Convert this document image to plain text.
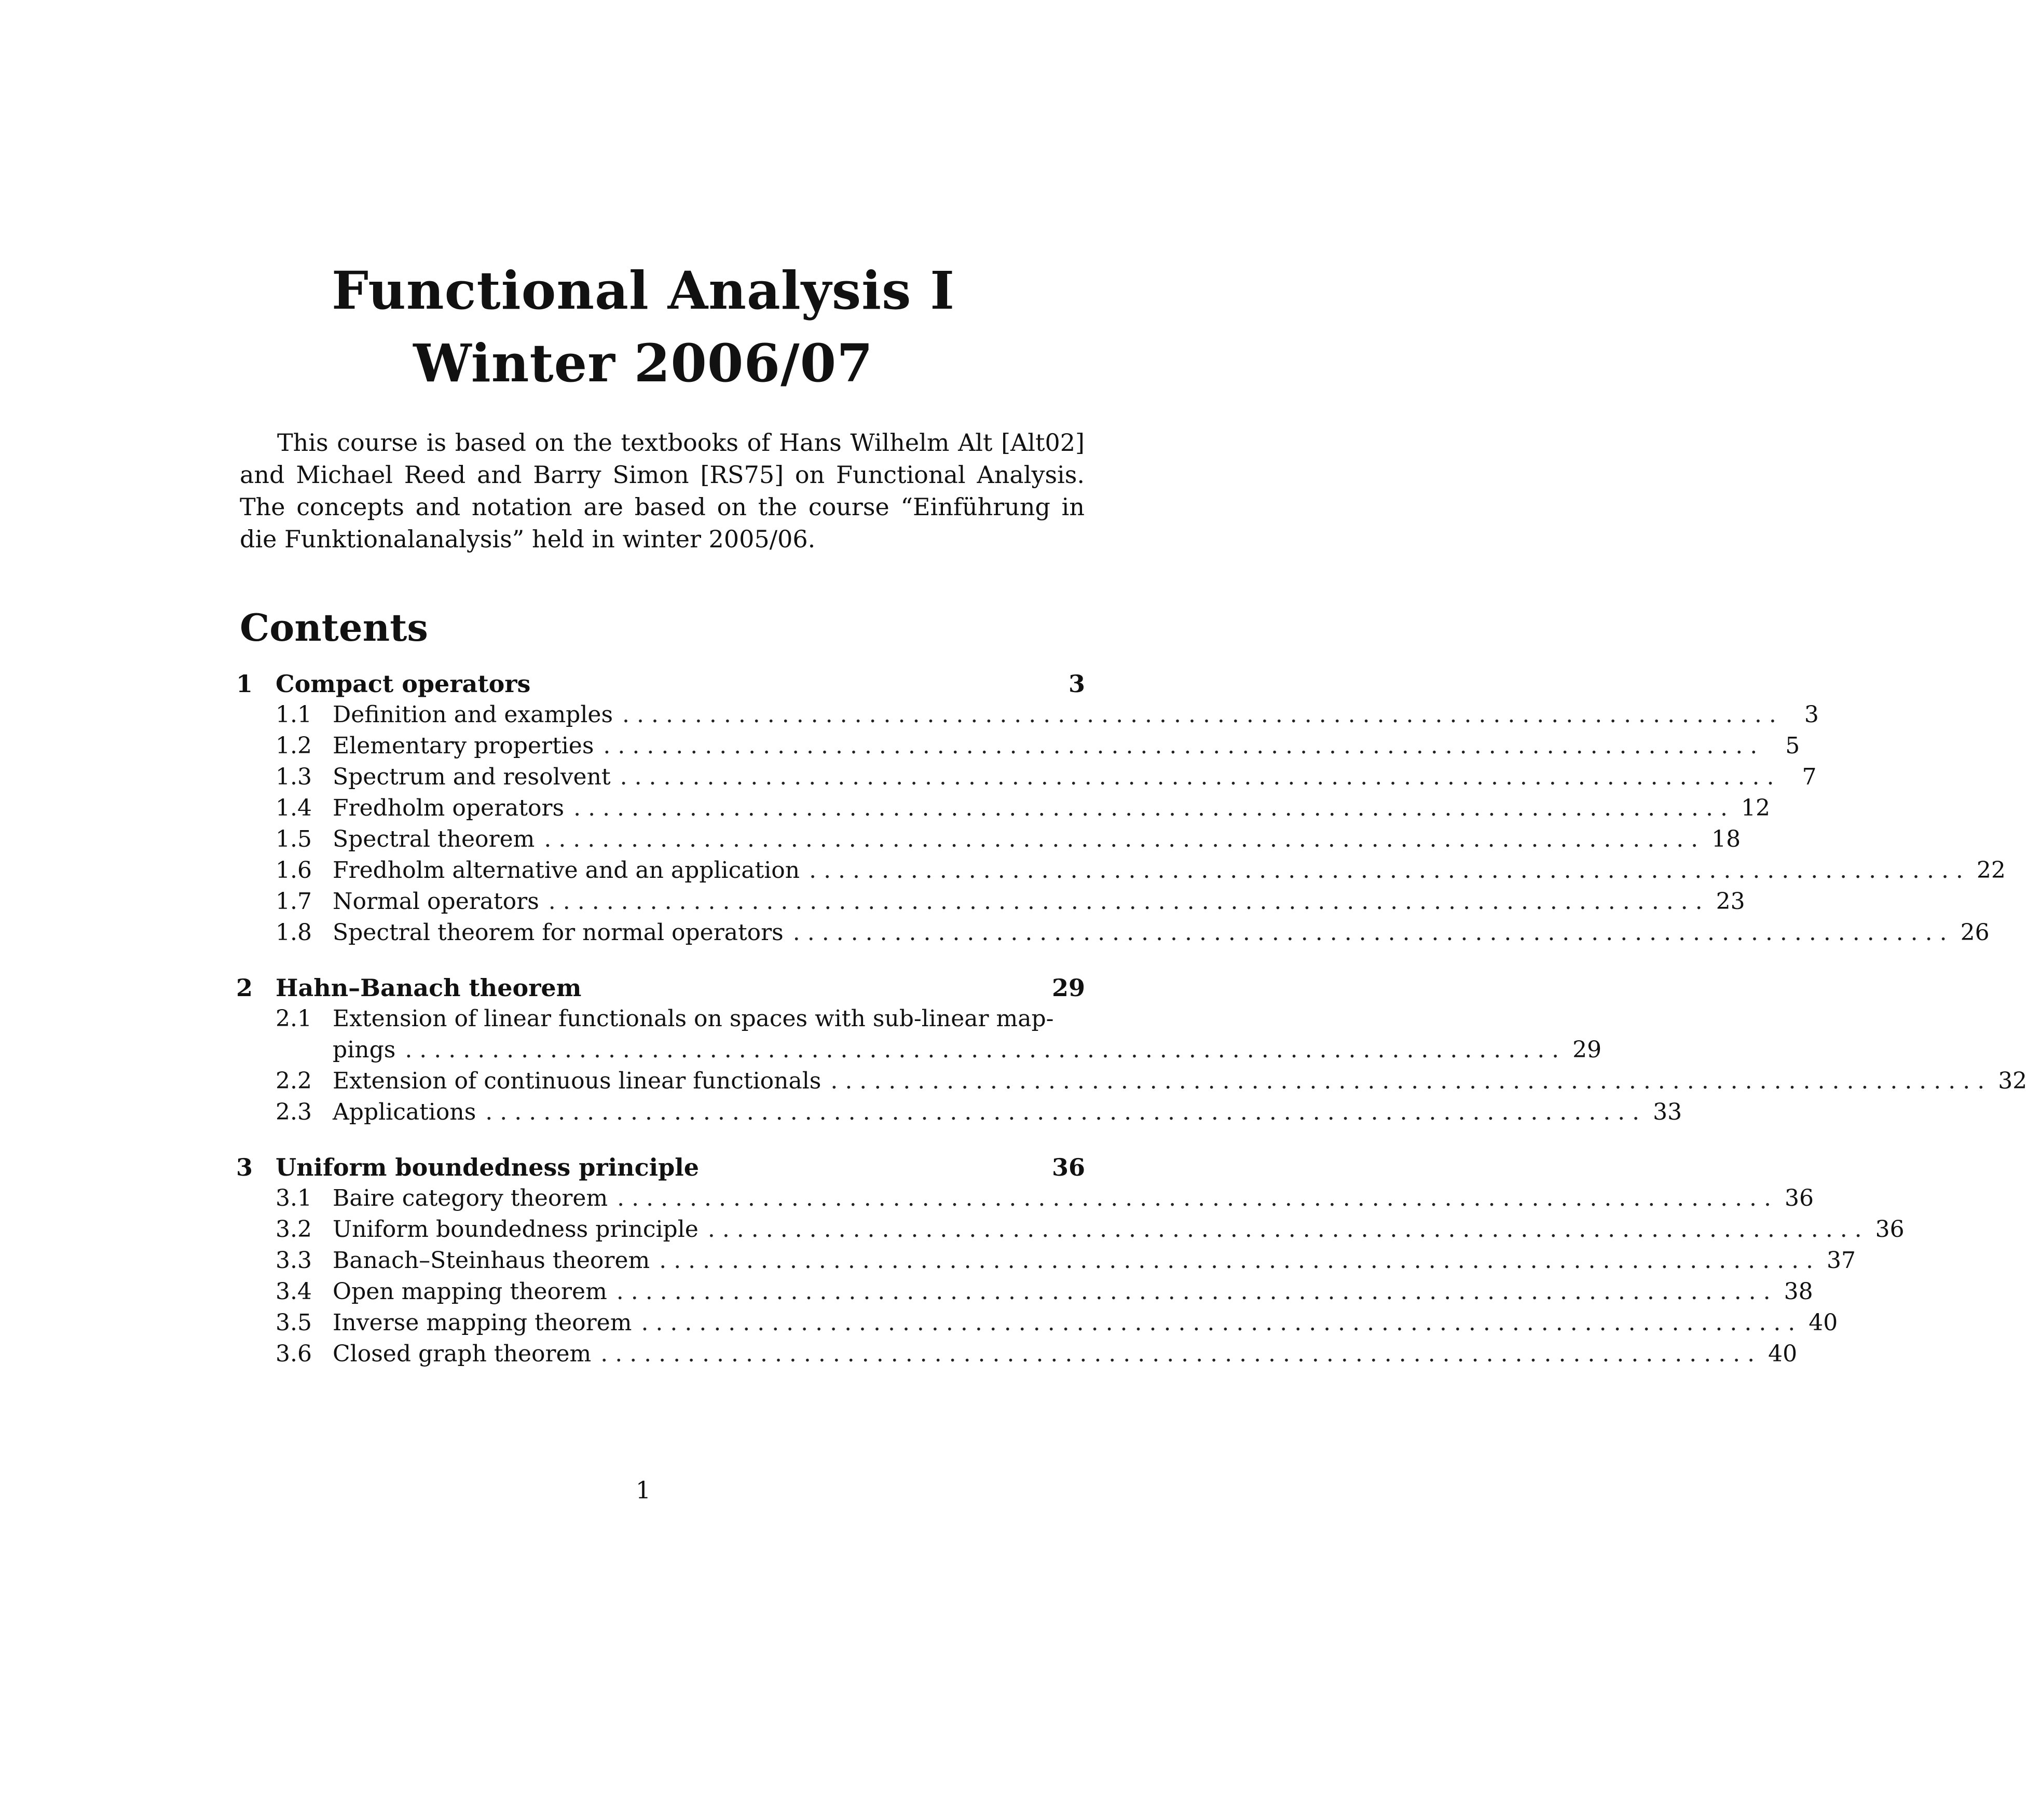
Functional Analysis I
Winter 2006/07

This course is based on the textbooks of Hans Wilhelm Alt [Alt02] and Michael Reed and Barry Simon [RS75] on Functional Analysis. The concepts and notation are based on the course “Einführung in die Funktionalanalysis” held in winter 2005/06.

Contents
1 Compact operators	3
1.1 Definition and examples . . . . . . . . . . . . . . . . . . . . . . . . . . . . . . . . . . . . . . . . . . . . . . . . . . . . . . . . . . . . . . . . . . . . . . . . . . . . . . . .	3
1.2 Elementary properties . . . . . . . . . . . . . . . . . . . . . . . . . . . . . . . . . . . . . . . . . . . . . . . . . . . . . . . . . . . . . . . . . . . . . . . . . . . . . . . .	5
1.3 Spectrum and resolvent . . . . . . . . . . . . . . . . . . . . . . . . . . . . . . . . . . . . . . . . . . . . . . . . . . . . . . . . . . . . . . . . . . . . . . . . . . . . . . . .	7
1.4 Fredholm operators . . . . . . . . . . . . . . . . . . . . . . . . . . . . . . . . . . . . . . . . . . . . . . . . . . . . . . . . . . . . . . . . . . . . . . . . . . . . . . . . 12
1.5 Spectral theorem . . . . . . . . . . . . . . . . . . . . . . . . . . . . . . . . . . . . . . . . . . . . . . . . . . . . . . . . . . . . . . . . . . . . . . . . . . . . . . . . 18
1.6 Fredholm alternative and an application . . . . . . . . . . . . . . . . . . . . . . . . . . . . . . . . . . . . . . . . . . . . . . . . . . . . . . . . . . . . . . . . . . . . . . . . . . . . . . . . 22
1.7 Normal operators . . . . . . . . . . . . . . . . . . . . . . . . . . . . . . . . . . . . . . . . . . . . . . . . . . . . . . . . . . . . . . . . . . . . . . . . . . . . . . . . 23
1.8 Spectral theorem for normal operators . . . . . . . . . . . . . . . . . . . . . . . . . . . . . . . . . . . . . . . . . . . . . . . . . . . . . . . . . . . . . . . . . . . . . . . . . . . . . . . . 26
2 Hahn–Banach theorem	29
2.1 Extension of linear functionals on spaces with sub-linear map-
pings . . . . . . . . . . . . . . . . . . . . . . . . . . . . . . . . . . . . . . . . . . . . . . . . . . . . . . . . . . . . . . . . . . . . . . . . . . . . . . . . 29
2.2 Extension of continuous linear functionals . . . . . . . . . . . . . . . . . . . . . . . . . . . . . . . . . . . . . . . . . . . . . . . . . . . . . . . . . . . . . . . . . . . . . . . . . . . . . . . . 32
2.3 Applications . . . . . . . . . . . . . . . . . . . . . . . . . . . . . . . . . . . . . . . . . . . . . . . . . . . . . . . . . . . . . . . . . . . . . . . . . . . . . . . . 33
3 Uniform boundedness principle	36
3.1 Baire category theorem . . . . . . . . . . . . . . . . . . . . . . . . . . . . . . . . . . . . . . . . . . . . . . . . . . . . . . . . . . . . . . . . . . . . . . . . . . . . . . . . 36
3.2 Uniform boundedness principle . . . . . . . . . . . . . . . . . . . . . . . . . . . . . . . . . . . . . . . . . . . . . . . . . . . . . . . . . . . . . . . . . . . . . . . . . . . . . . . . 36
3.3 Banach–Steinhaus theorem . . . . . . . . . . . . . . . . . . . . . . . . . . . . . . . . . . . . . . . . . . . . . . . . . . . . . . . . . . . . . . . . . . . . . . . . . . . . . . . . 37
3.4 Open mapping theorem . . . . . . . . . . . . . . . . . . . . . . . . . . . . . . . . . . . . . . . . . . . . . . . . . . . . . . . . . . . . . . . . . . . . . . . . . . . . . . . . 38
3.5 Inverse mapping theorem . . . . . . . . . . . . . . . . . . . . . . . . . . . . . . . . . . . . . . . . . . . . . . . . . . . . . . . . . . . . . . . . . . . . . . . . . . . . . . . . 40
3.6 Closed graph theorem . . . . . . . . . . . . . . . . . . . . . . . . . . . . . . . . . . . . . . . . . . . . . . . . . . . . . . . . . . . . . . . . . . . . . . . . . . . . . . . . 40
1
